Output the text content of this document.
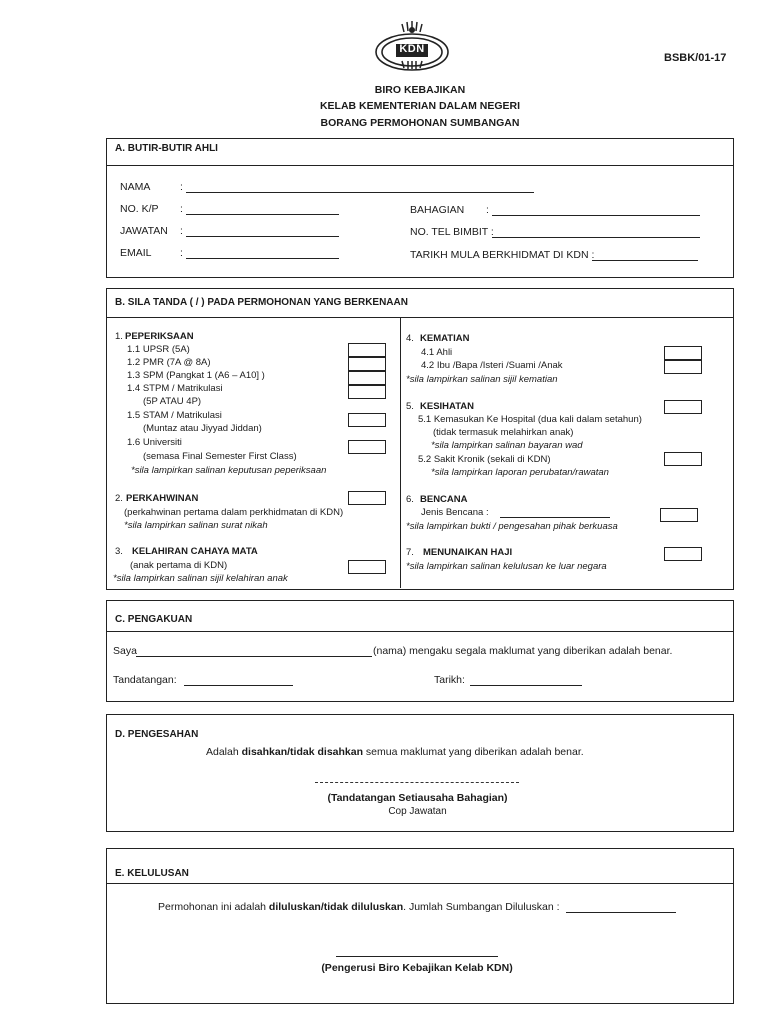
KDN
BSBK/01-17
BIRO KEBAJIKAN
KELAB KEMENTERIAN DALAM NEGERI
BORANG PERMOHONAN SUMBANGAN
A. BUTIR-BUTIR AHLI
NAMA	:
NO. K/P :	BAHAGIAN :
JAWATAN :	NO. TEL BIMBIT :
EMAIL	:	TARIKH MULA BERKHIDMAT DI KDN :
B. SILA TANDA ( / ) PADA PERMOHONAN YANG BERKENAAN
1. PEPERIKSAAN
1.1 UPSR (5A)
1.2 PMR (7A @ 8A)
1.3 SPM (Pangkat 1 (A6 – A10] )
1.4 STPM / Matrikulasi
(5P ATAU 4P)
1.5 STAM / Matrikulasi
(Muntaz atau Jiyyad Jiddan)
1.6 Universiti
(semasa Final Semester First Class)
*sila lampirkan salinan keputusan peperiksaan
2. PERKAHWINAN
(perkahwinan pertama dalam perkhidmatan di KDN)
*sila lampirkan salinan surat nikah
3. KELAHIRAN CAHAYA MATA
(anak pertama di KDN)
*sila lampirkan salinan sijil kelahiran anak
4. KEMATIAN
4.1 Ahli
4.2 Ibu /Bapa /Isteri /Suami /Anak
*sila lampirkan salinan sijil kematian
5. KESIHATAN
5.1 Kemasukan Ke Hospital (dua kali dalam setahun)
(tidak termasuk melahirkan anak)
*sila lampirkan salinan bayaran wad
5.2 Sakit Kronik (sekali di KDN)
*sila lampirkan laporan perubatan/rawatan
6. BENCANA
Jenis Bencana :
*sila lampirkan bukti / pengesahan pihak berkuasa
7. MENUNAIKAN HAJI
*sila lampirkan salinan kelulusan ke luar negara
C. PENGAKUAN
Saya	(nama) mengaku segala maklumat yang diberikan adalah benar.
Tandatangan:	Tarikh:
D. PENGESAHAN
Adalah disahkan/tidak disahkan semua maklumat yang diberikan adalah benar.
(Tandatangan Setiausaha Bahagian)
Cop Jawatan
E. KELULUSAN
Permohonan ini adalah diluluskan/tidak diluluskan. Jumlah Sumbangan Diluluskan :
(Pengerusi Biro Kebajikan Kelab KDN)
